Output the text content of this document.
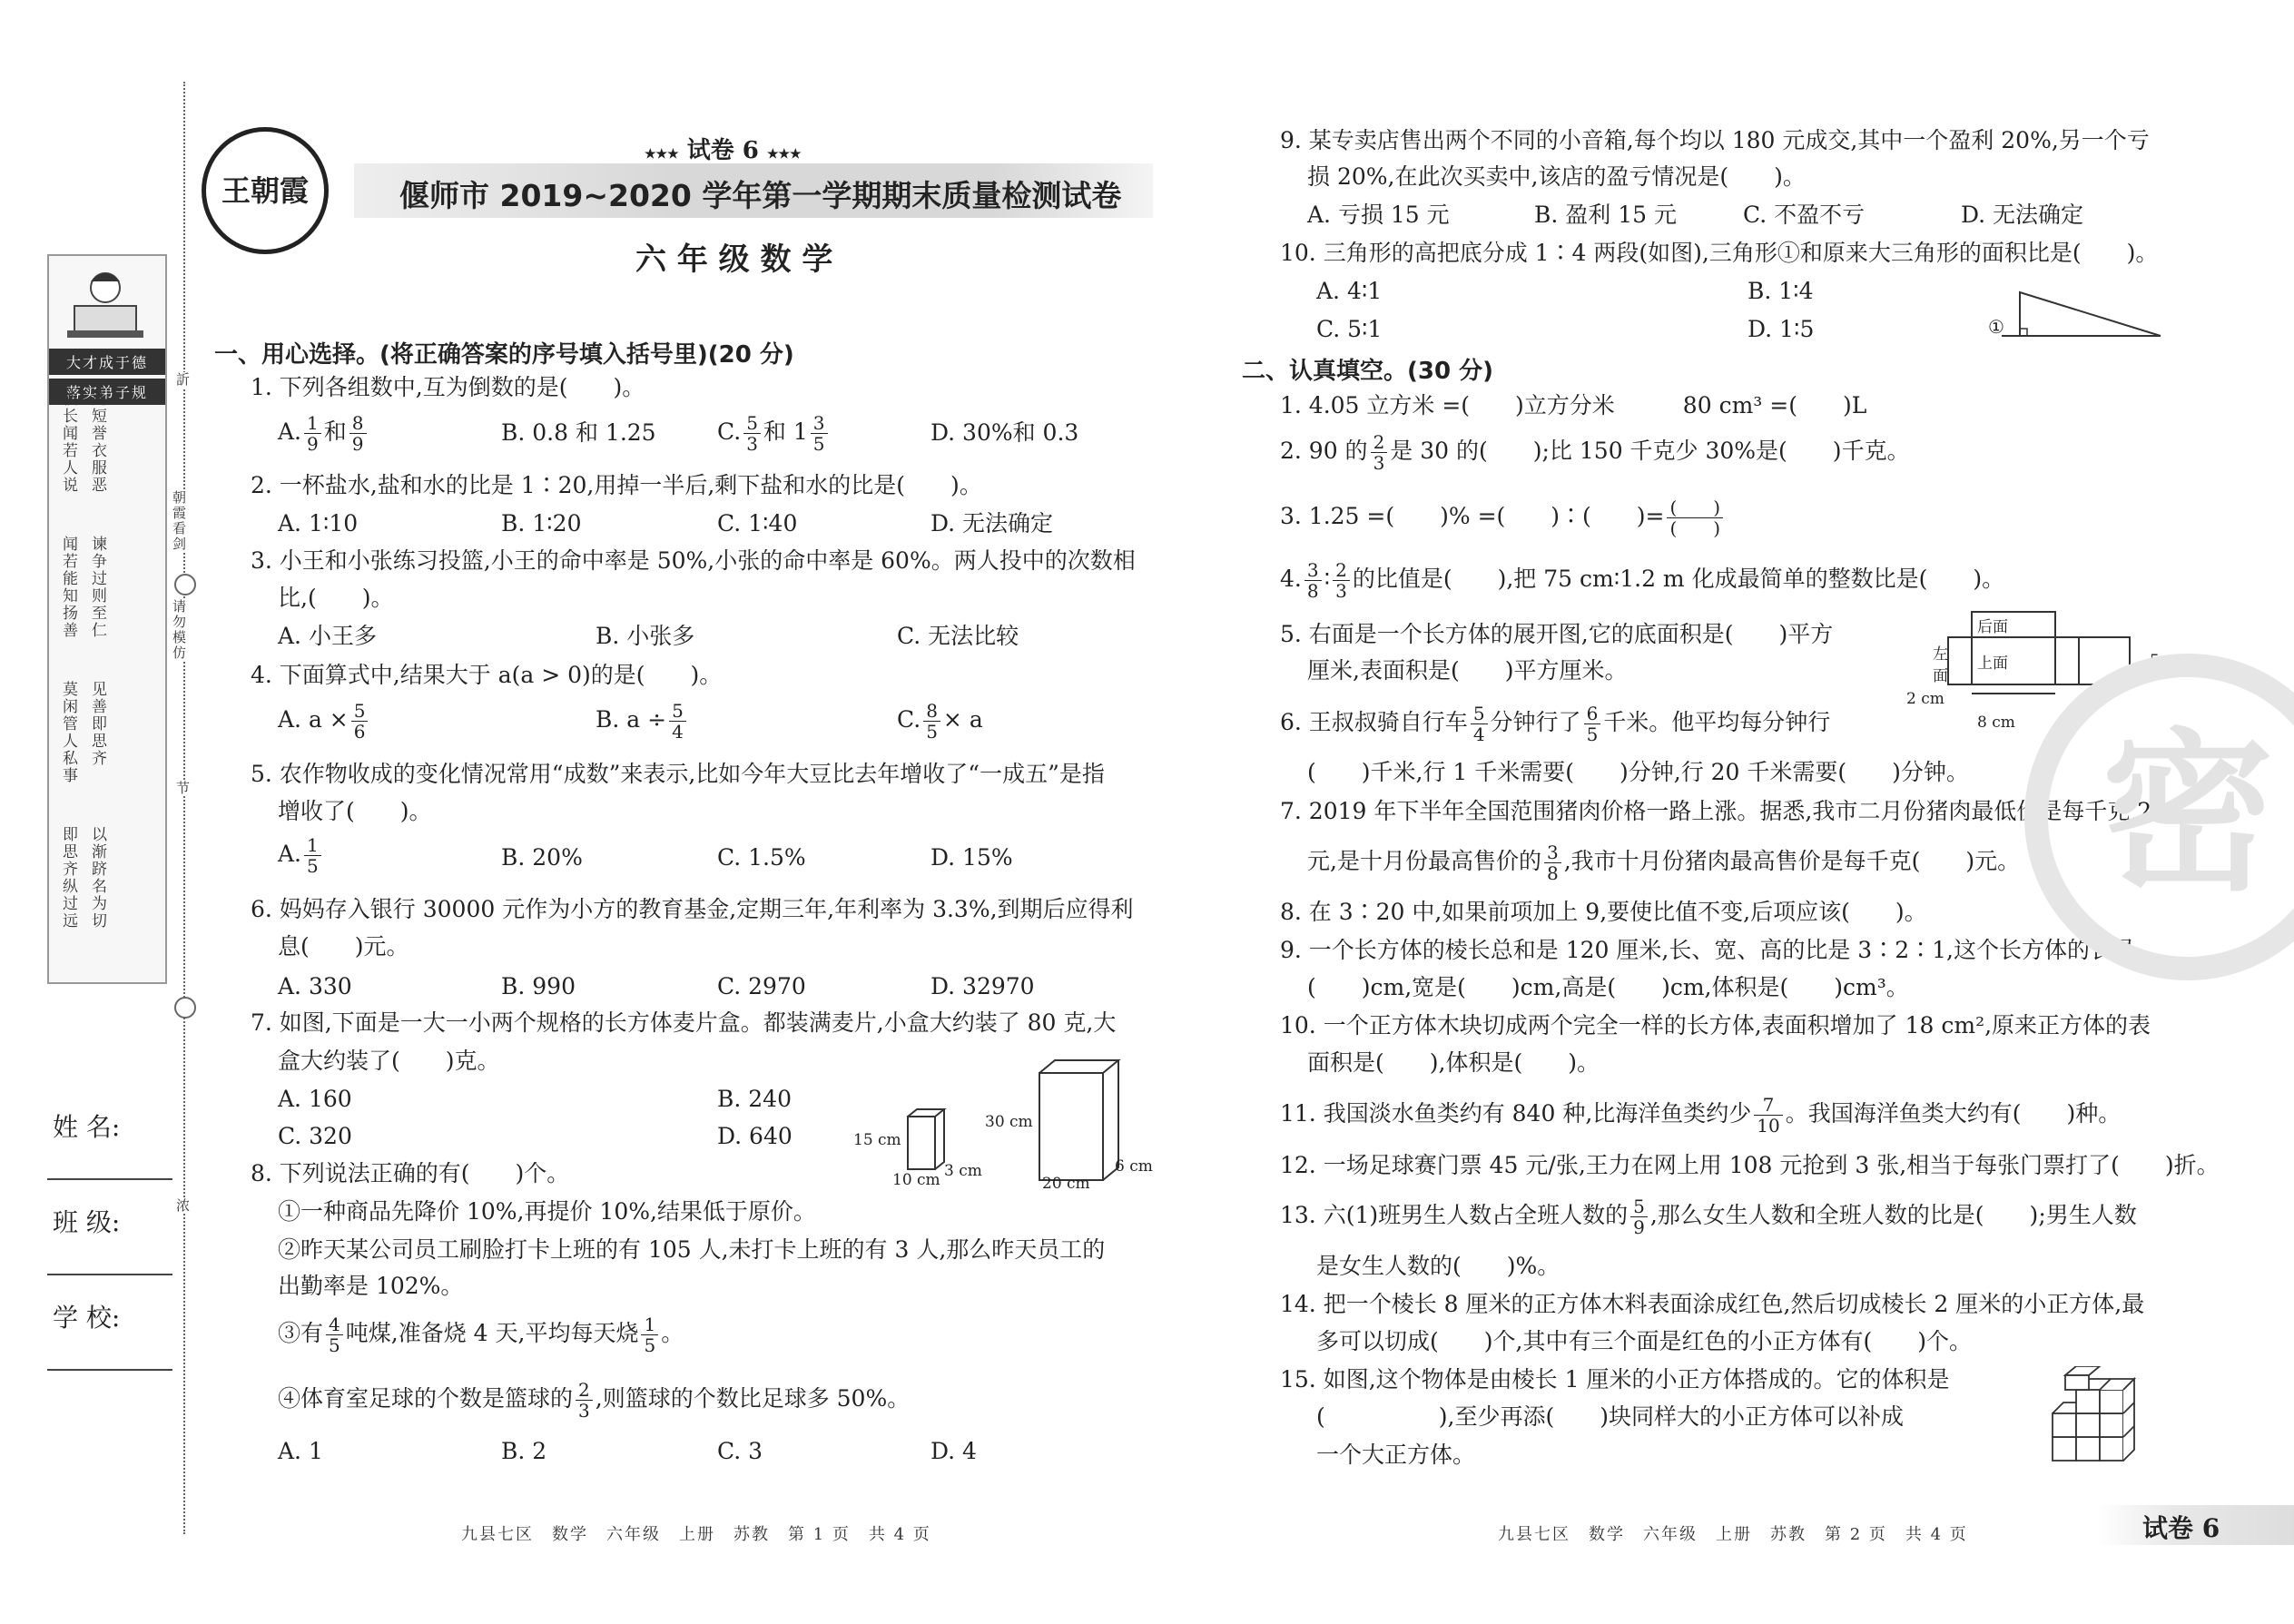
大才成于德
落实弟子规
彼长闻若人说 此短誉衣服恶
闻若能知扬善 谏争过则至仁
莫闲管人私事 见善即思齐
即思齐纵过远 以渐跻名为切
訢
朝霞看剑
请勿模仿
节
浓
姓 名:
班 级:
学 校:
王朝霞
★★★ 试卷 6 ★★★
偃师市 2019~2020 学年第一学期期末质量检测试卷
六 年 级 数 学
一、用心选择。(将正确答案的序号填入括号里)(20 分)
1. 下列各组数中,互为倒数的是(　　)。
A. $\frac{1}{9}$ 和 $\frac{8}{9}$	B. 0.8 和 1.25	C. $\frac{5}{3}$ 和 $1 \frac{3}{5}$	D. 30%和 0.3
2. 一杯盐水,盐和水的比是 1∶20,用掉一半后,剩下盐和水的比是(　　)。
A. 1∶10	B. 1∶20	C. 1∶40	D. 无法确定
3. 小王和小张练习投篮,小王的命中率是 50%,小张的命中率是 60%。两人投中的次数相
比,(　　)。
A. 小王多	B. 小张多	C. 无法比较
4. 下面算式中,结果大于 a(a > 0)的是(　　)。
A. $a \times \frac{5}{6}$	B. $a \div \frac{5}{4}$	C. $\frac{8}{5} \times a$
5. 农作物收成的变化情况常用“成数”来表示,比如今年大豆比去年增收了“一成五”是指
增收了(　　)。
A. $\frac{1}{5}$	B. 20%	C. 1.5%	D. 15%
6. 妈妈存入银行 30000 元作为小方的教育基金,定期三年,年利率为 3.3%,到期后应得利
息(　　)元。
A. 330	B. 990	C. 2970	D. 32970
7. 如图,下面是一大一小两个规格的长方体麦片盒。都装满麦片,小盒大约装了 80 克,大
盒大约装了(　　)克。
A. 160	B. 240
C. 320	D. 640	15 cm
10 cm 3 cm
30 cm
20 cm
6 cm
8. 下列说法正确的有(　　)个。
①一种商品先降价 10%,再提价 10%,结果低于原价。
②昨天某公司员工刷脸打卡上班的有 105 人,未打卡上班的有 3 人,那么昨天员工的
出勤率是 102%。
③有 $\frac{4}{5}$ 吨煤,准备烧 4 天,平均每天烧 $\frac{1}{5}$ 。
④体育室足球的个数是篮球的 $\frac{2}{3}$ ,则篮球的个数比足球多 50%。
A. 1	B. 2	C. 3	D. 4
九县七区　数学　六年级　上册　苏教　第 1 页　共 4 页
9. 某专卖店售出两个不同的小音箱,每个均以 180 元成交,其中一个盈利 20%,另一个亏
损 20%,在此次买卖中,该店的盈亏情况是(　　)。
A. 亏损 15 元	B. 盈利 15 元	C. 不盈不亏	D. 无法确定
10. 三角形的高把底分成 1∶4 两段(如图),三角形①和原来大三角形的面积比是(　　)。
A. 4∶1	B. 1∶4
C. 5∶1	D. 1∶5	①
二、认真填空。(30 分)
1. 4.05 立方米 =(　　)立方分米　　　80 cm³ =(　　)L
2. 90 的 $\frac{2}{3}$ 是 30 的(　　);比 150 千克少 30%是(　　)千克。
3. 1.25 =(　　)% =(　　)∶(　　)= $\frac{( )}{( )}$
4. $\frac{3}{8}$ ∶ $\frac{2}{3}$ 的比值是(　　),把 75 cm∶1.2 m 化成最简单的整数比是(　　)。
5. 右面是一个长方体的展开图,它的底面积是(　　)平方
厘米,表面积是(　　)平方厘米。
后面
左
面
上面	5 cm
2 cm
8 cm
6. 王叔叔骑自行车 $\frac{5}{4}$ 分钟行了 $\frac{6}{5}$ 千米。他平均每分钟行
(　　)千米,行 1 千米需要(　　)分钟,行 20 千米需要(　　)分钟。
7. 2019 年下半年全国范围猪肉价格一路上涨。据悉,我市二月份猪肉最低价是每千克 27
元,是十月份最高售价的 $\frac{3}{8}$ ,我市十月份猪肉最高售价是每千克(　　)元。
8. 在 3∶20 中,如果前项加上 9,要使比值不变,后项应该(　　)。
9. 一个长方体的棱长总和是 120 厘米,长、宽、高的比是 3∶2∶1,这个长方体的长是
(　　)cm,宽是(　　)cm,高是(　　)cm,体积是(　　)cm³。
10. 一个正方体木块切成两个完全一样的长方体,表面积增加了 18 cm²,原来正方体的表
面积是(　　),体积是(　　)。
11. 我国淡水鱼类约有 840 种,比海洋鱼类约少 $\frac{7}{10}$ 。我国海洋鱼类大约有(　　)种。
12. 一场足球赛门票 45 元/张,王力在网上用 108 元抢到 3 张,相当于每张门票打了(　　)折。
13. 六(1)班男生人数占全班人数的 $\frac{5}{9}$ ,那么女生人数和全班人数的比是(　　);男生人数
是女生人数的(　　)%。
14. 把一个棱长 8 厘米的正方体木料表面涂成红色,然后切成棱长 2 厘米的小正方体,最
多可以切成(　　)个,其中有三个面是红色的小正方体有(　　)个。
15. 如图,这个物体是由棱长 1 厘米的小正方体搭成的。它的体积是
(　　　　　),至少再添(　　)块同样大的小正方体可以补成
一个大正方体。
密
九县七区　数学　六年级　上册　苏教　第 2 页　共 4 页	试卷 6
